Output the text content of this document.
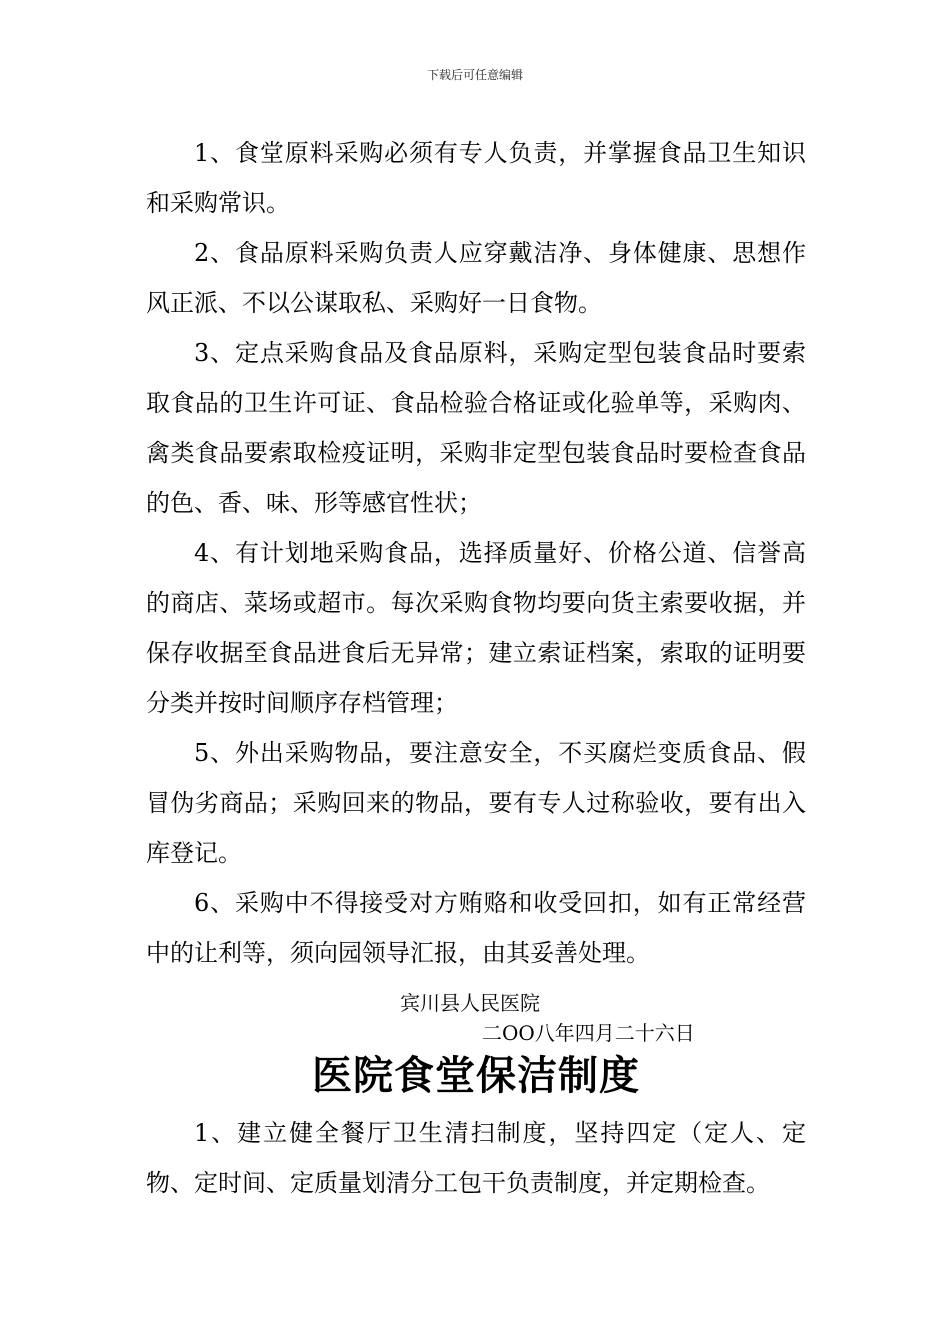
下载后可任意编辑

1、食堂原料采购必须有专人负责，并掌握食品卫生知识和采购常识。

2、食品原料采购负责人应穿戴洁净、身体健康、思想作风正派、不以公谋取私、采购好一日食物。

3、定点采购食品及食品原料，采购定型包装食品时要索取食品的卫生许可证、食品检验合格证或化验单等，采购肉、禽类食品要索取检疫证明，采购非定型包装食品时要检查食品的色、香、味、形等感官性状；

4、有计划地采购食品，选择质量好、价格公道、信誉高的商店、菜场或超市。每次采购食物均要向货主索要收据，并保存收据至食品进食后无异常；建立索证档案，索取的证明要分类并按时间顺序存档管理；

5、外出采购物品，要注意安全，不买腐烂变质食品、假冒伪劣商品；采购回来的物品，要有专人过称验收，要有出入库登记。

6、采购中不得接受对方贿赂和收受回扣，如有正常经营中的让利等，须向园领导汇报，由其妥善处理。

宾川县人民医院

二OO八年四月二十六日

医院食堂保洁制度

1、建立健全餐厅卫生清扫制度，坚持四定（定人、定物、定时间、定质量划清分工包干负责制度，并定期检查。
